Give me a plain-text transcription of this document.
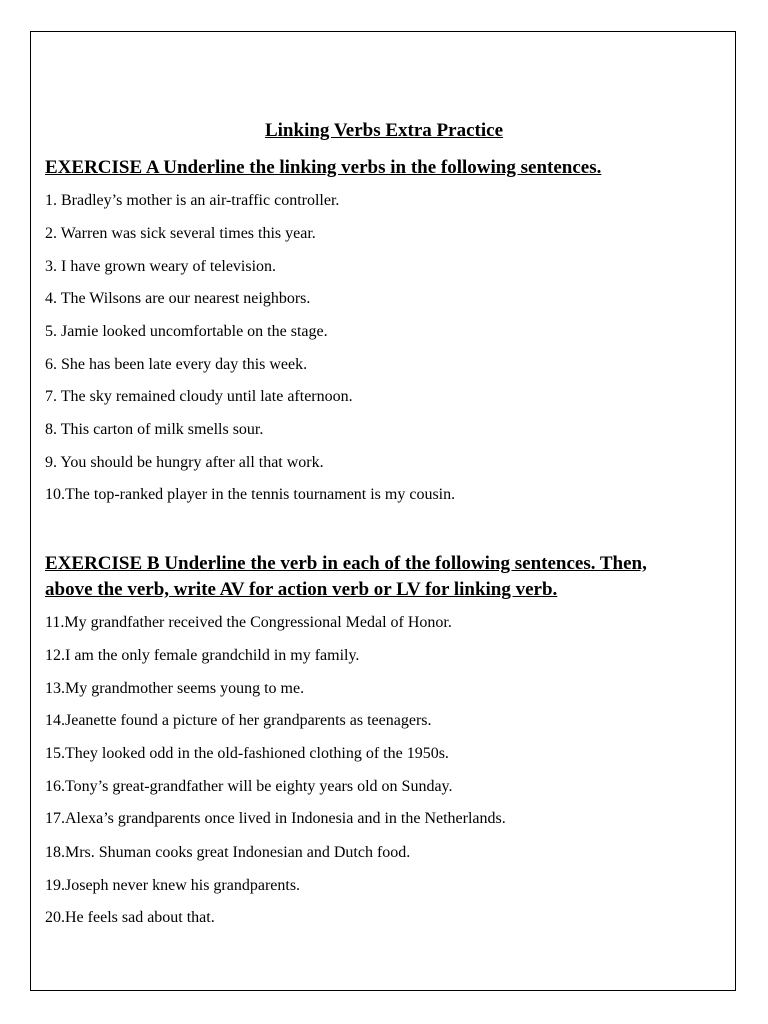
Linking Verbs Extra Practice
EXERCISE A Underline the linking verbs in the following sentences.
1. Bradley’s mother is an air-traffic controller.
2. Warren was sick several times this year.
3. I have grown weary of television.
4. The Wilsons are our nearest neighbors.
5. Jamie looked uncomfortable on the stage.
6. She has been late every day this week.
7. The sky remained cloudy until late afternoon.
8. This carton of milk smells sour.
9. You should be hungry after all that work.
10.The top-ranked player in the tennis tournament is my cousin.
EXERCISE B Underline the verb in each of the following sentences. Then,
above the verb, write AV for action verb or LV for linking verb.
11.My grandfather received the Congressional Medal of Honor.
12.I am the only female grandchild in my family.
13.My grandmother seems young to me.
14.Jeanette found a picture of her grandparents as teenagers.
15.They looked odd in the old-fashioned clothing of the 1950s.
16.Tony’s great-grandfather will be eighty years old on Sunday.
17.Alexa’s grandparents once lived in Indonesia and in the Netherlands.
18.Mrs. Shuman cooks great Indonesian and Dutch food.
19.Joseph never knew his grandparents.
20.He feels sad about that.
